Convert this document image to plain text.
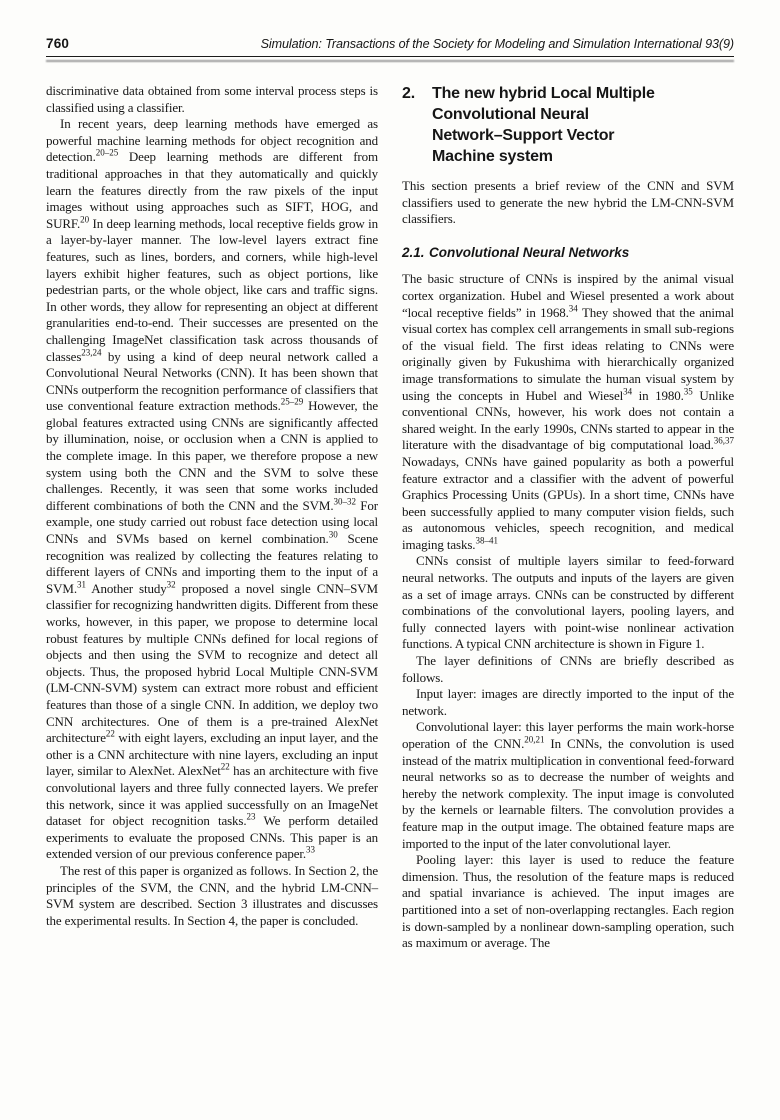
760	Simulation: Transactions of the Society for Modeling and Simulation International 93(9)

discriminative data obtained from some interval process steps is classified using a classifier.

In recent years, deep learning methods have emerged as powerful machine learning methods for object recognition and detection.$^{20-25}$ Deep learning methods are different from traditional approaches in that they automatically and quickly learn the features directly from the raw pixels of the input images without using approaches such as SIFT, HOG, and SURF.$^{20}$ In deep learning methods, local receptive fields grow in a layer-by-layer manner. The low-level layers extract fine features, such as lines, borders, and corners, while high-level layers exhibit higher features, such as object portions, like pedestrian parts, or the whole object, like cars and traffic signs. In other words, they allow for representing an object at different granularities end-to-end. Their successes are presented on the challenging ImageNet classification task across thousands of classes$^{23,24}$ by using a kind of deep neural network called a Convolutional Neural Networks (CNN). It has been shown that CNNs outperform the recognition performance of classifiers that use conventional feature extraction methods.$^{25-29}$ However, the global features extracted using CNNs are significantly affected by illumination, noise, or occlusion when a CNN is applied to the complete image. In this paper, we therefore propose a new system using both the CNN and the SVM to solve these challenges. Recently, it was seen that some works included different combinations of both the CNN and the SVM.$^{30-32}$ For example, one study carried out robust face detection using local CNNs and SVMs based on kernel combination.$^{30}$ Scene recognition was realized by collecting the features relating to different layers of CNNs and importing them to the input of a SVM.$^{31}$ Another study$^{32}$ proposed a novel single CNN–SVM classifier for recognizing handwritten digits. Different from these works, however, in this paper, we propose to determine local robust features by multiple CNNs defined for local regions of objects and then using the SVM to recognize and detect all objects. Thus, the proposed hybrid Local Multiple CNN-SVM (LM-CNN-SVM) system can extract more robust and efficient features than those of a single CNN. In addition, we deploy two CNN architectures. One of them is a pre-trained AlexNet architecture$^{22}$ with eight layers, excluding an input layer, and the other is a CNN architecture with nine layers, excluding an input layer, similar to AlexNet. AlexNet$^{22}$ has an architecture with five convolutional layers and three fully connected layers. We prefer this network, since it was applied successfully on an ImageNet dataset for object recognition tasks.$^{23}$ We perform detailed experiments to evaluate the proposed CNNs. This paper is an extended version of our previous conference paper.$^{33}$

The rest of this paper is organized as follows. In Section 2, the principles of the SVM, the CNN, and the hybrid LM-CNN–SVM system are described. Section 3 illustrates and discusses the experimental results. In Section 4, the paper is concluded.

2.	The new hybrid Local Multiple
Convolutional Neural
Network–Support Vector
Machine system

This section presents a brief review of the CNN and SVM classifiers used to generate the new hybrid the LM-CNN-SVM classifiers.

2.1. Convolutional Neural Networks

The basic structure of CNNs is inspired by the animal visual cortex organization. Hubel and Wiesel presented a work about “local receptive fields” in 1968.34 They showed that the animal visual cortex has complex cell arrangements in small sub-regions of the visual field. The first ideas relating to CNNs were originally given by Fukushima with hierarchically organized image transformations to simulate the human visual system by using the concepts in Hubel and Wiesel$^{34}$ in 1980.35 Unlike conventional CNNs, however, his work does not contain a shared weight. In the early 1990s, CNNs started to appear in the literature with the disadvantage of big computational load.$^{36,37}$ Nowadays, CNNs have gained popularity as both a powerful feature extractor and a classifier with the advent of powerful Graphics Processing Units (GPUs). In a short time, CNNs have been successfully applied to many computer vision fields, such as autonomous vehicles, speech recognition, and medical imaging tasks.$^{38-41}$

CNNs consist of multiple layers similar to feed-forward neural networks. The outputs and inputs of the layers are given as a set of image arrays. CNNs can be constructed by different combinations of the convolutional layers, pooling layers, and fully connected layers with point-wise nonlinear activation functions. A typical CNN architecture is shown in Figure 1.

The layer definitions of CNNs are briefly described as follows.

Input layer: images are directly imported to the input of the network.

Convolutional layer: this layer performs the main work-horse operation of the CNN.$^{20,21}$ In CNNs, the convolution is used instead of the matrix multiplication in conventional feed-forward neural networks so as to decrease the number of weights and hereby the network complexity. The input image is convoluted by the kernels or learnable filters. The convolution provides a feature map in the output image. The obtained feature maps are imported to the input of the later convolutional layer.

Pooling layer: this layer is used to reduce the feature dimension. Thus, the resolution of the feature maps is reduced and spatial invariance is achieved. The input images are partitioned into a set of non-overlapping rectangles. Each region is down-sampled by a nonlinear down-sampling operation, such as maximum or average. The
